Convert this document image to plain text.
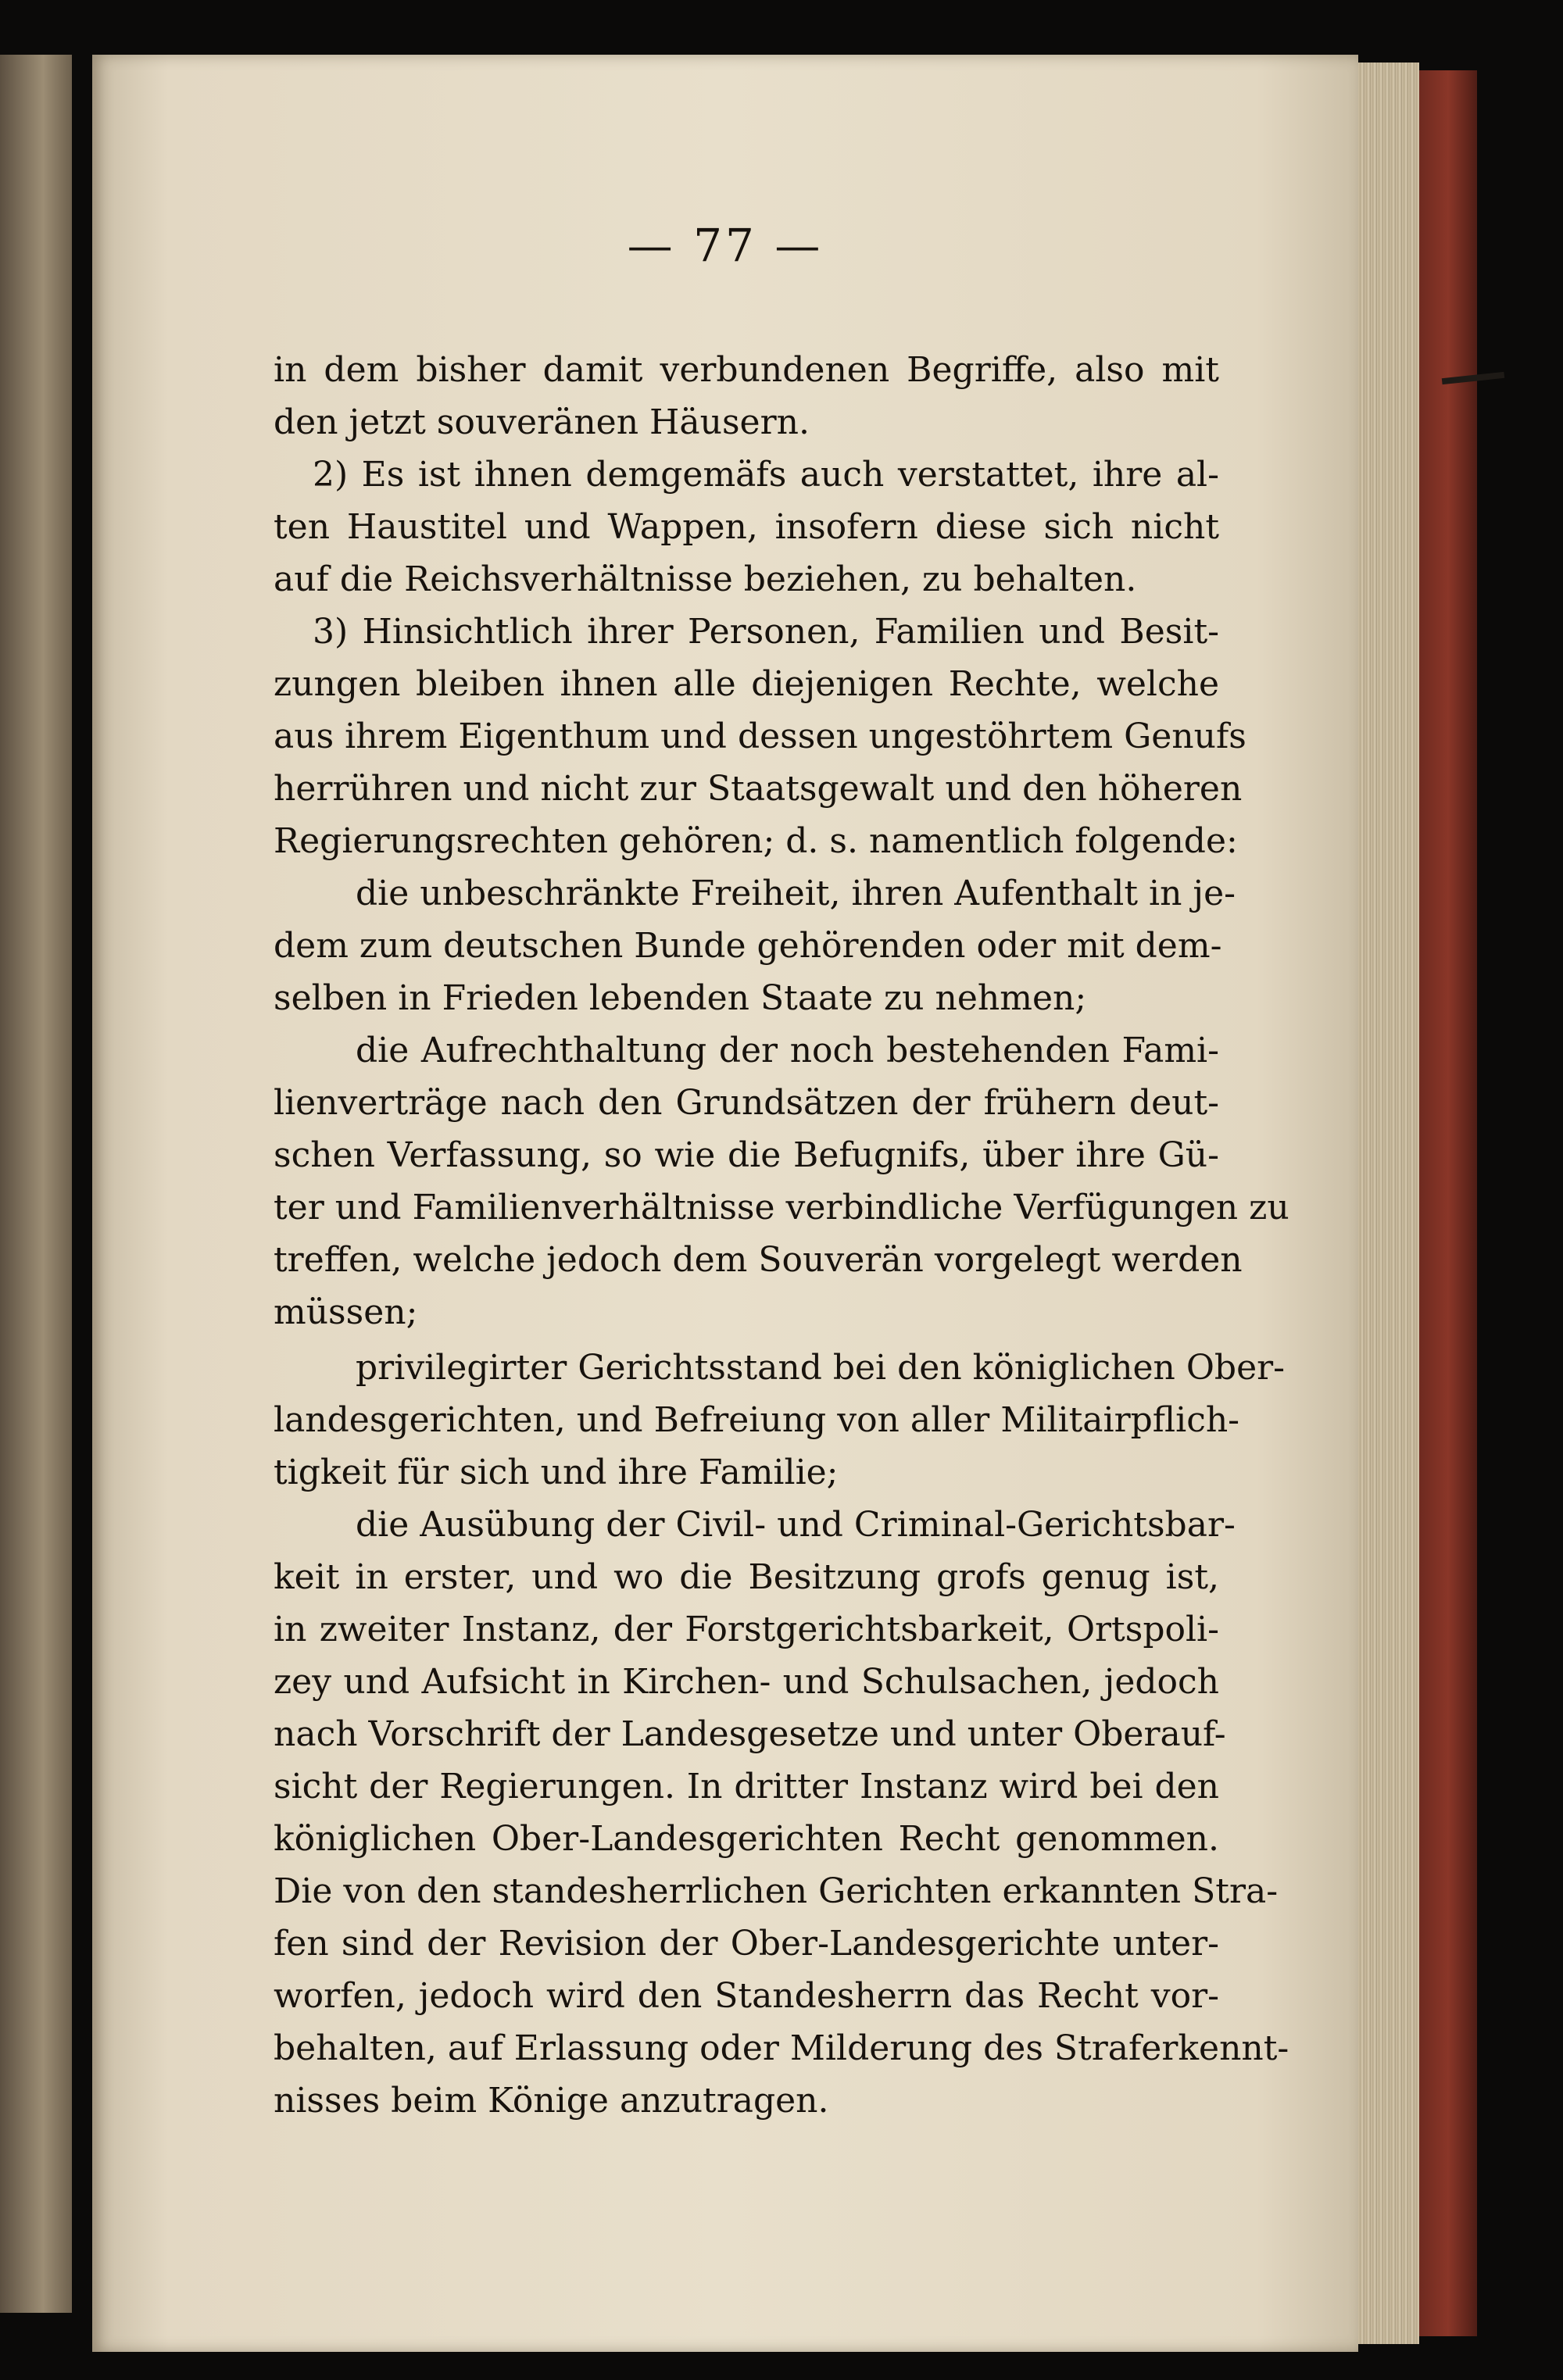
— 77 —
in dem bisher damit verbundenen Begriffe, also mit
den jetzt souveränen Häusern.
2) Es ist ihnen demgemäfs auch verstattet, ihre al-
ten Haustitel und Wappen, insofern diese sich nicht
auf die Reichsverhältnisse beziehen, zu behalten.
3) Hinsichtlich ihrer Personen, Familien und Besit-
zungen bleiben ihnen alle diejenigen Rechte, welche
aus ihrem Eigenthum und dessen ungestöhrtem Genufs
herrühren und nicht zur Staatsgewalt und den höheren
Regierungsrechten gehören; d. s. namentlich folgende:
die unbeschränkte Freiheit, ihren Aufenthalt in je-
dem zum deutschen Bunde gehörenden oder mit dem-
selben in Frieden lebenden Staate zu nehmen;
die Aufrechthaltung der noch bestehenden Fami-
lienverträge nach den Grundsätzen der frühern deut-
schen Verfassung, so wie die Befugnifs, über ihre Gü-
ter und Familienverhältnisse verbindliche Verfügungen zu
treffen, welche jedoch dem Souverän vorgelegt werden
müssen;
privilegirter Gerichtsstand bei den königlichen Ober-
landesgerichten, und Befreiung von aller Militairpflich-
tigkeit für sich und ihre Familie;
die Ausübung der Civil- und Criminal-Gerichtsbar-
keit in erster, und wo die Besitzung grofs genug ist,
in zweiter Instanz, der Forstgerichtsbarkeit, Ortspoli-
zey und Aufsicht in Kirchen- und Schulsachen, jedoch
nach Vorschrift der Landesgesetze und unter Oberauf-
sicht der Regierungen. In dritter Instanz wird bei den
königlichen Ober-Landesgerichten Recht genommen.
Die von den standesherrlichen Gerichten erkannten Stra-
fen sind der Revision der Ober-Landesgerichte unter-
worfen, jedoch wird den Standesherrn das Recht vor-
behalten, auf Erlassung oder Milderung des Straferkennt-
nisses beim Könige anzutragen.
